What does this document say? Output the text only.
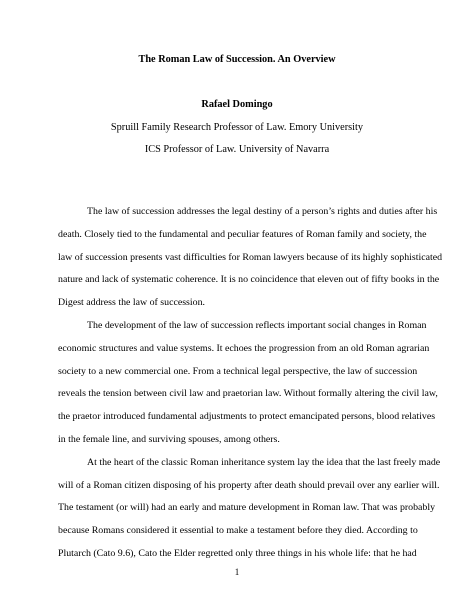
The Roman Law of Succession. An Overview
Rafael Domingo
Spruill Family Research Professor of Law. Emory University
ICS Professor of Law. University of Navarra
The law of succession addresses the legal destiny of a person’s rights and duties after his
death. Closely tied to the fundamental and peculiar features of Roman family and society, the
law of succession presents vast difficulties for Roman lawyers because of its highly sophisticated
nature and lack of systematic coherence. It is no coincidence that eleven out of fifty books in the
Digest address the law of succession.
The development of the law of succession reflects important social changes in Roman
economic structures and value systems. It echoes the progression from an old Roman agrarian
society to a new commercial one. From a technical legal perspective, the law of succession
reveals the tension between civil law and praetorian law. Without formally altering the civil law,
the praetor introduced fundamental adjustments to protect emancipated persons, blood relatives
in the female line, and surviving spouses, among others.
At the heart of the classic Roman inheritance system lay the idea that the last freely made
will of a Roman citizen disposing of his property after death should prevail over any earlier will.
The testament (or will) had an early and mature development in Roman law. That was probably
because Romans considered it essential to make a testament before they died. According to
Plutarch (Cato 9.6), Cato the Elder regretted only three things in his whole life: that he had
1
